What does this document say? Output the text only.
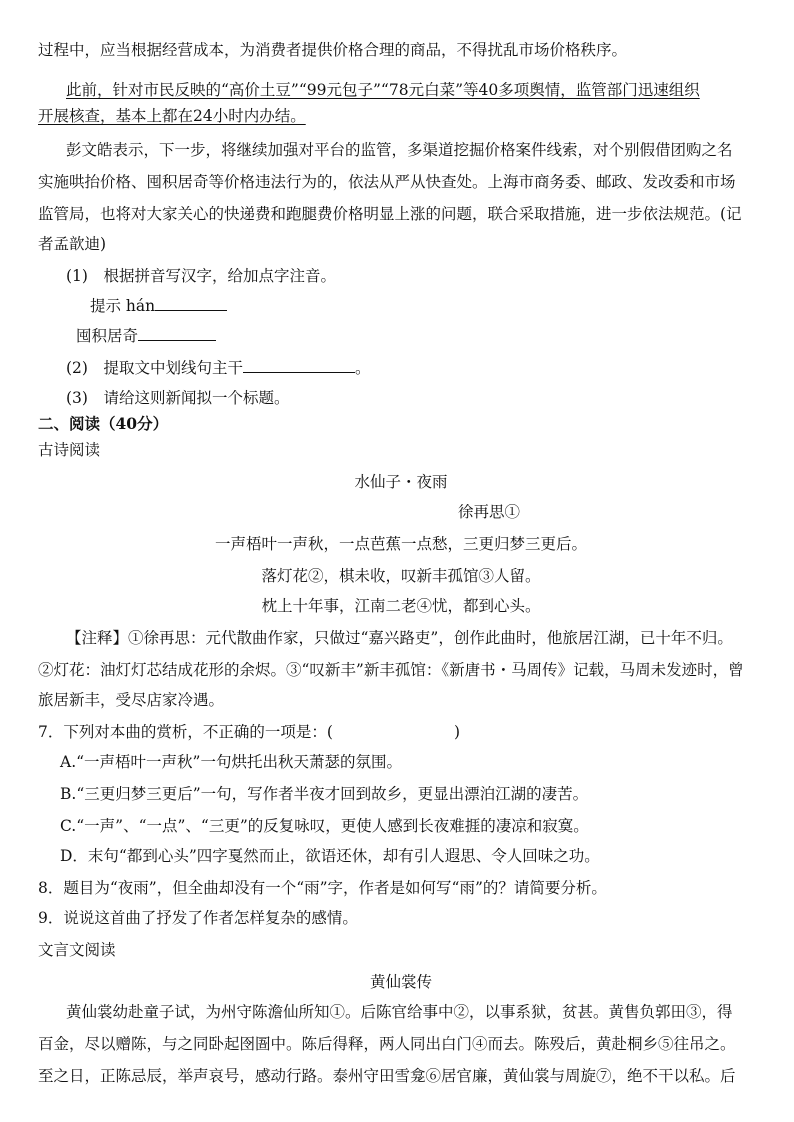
过程中，应当根据经营成本，为消费者提供价格合理的商品，不得扰乱市场价格秩序。
此前，针对市民反映的“高价土豆”“99元包子”“78元白菜”等40多项舆情，监管部门迅速组织
开展核查，基本上都在24小时内办结。
彭文皓表示，下一步，将继续加强对平台的监管，多渠道挖掘价格案件线索，对个别假借团购之名
实施哄抬价格、囤积居奇等价格违法行为的，依法从严从快查处。上海市商务委、邮政、发改委和市场
监管局，也将对大家关心的快递费和跑腿费价格明显上涨的问题，联合采取措施，进一步依法规范。(记
者孟歆迪)
(1)　根据拼音写汉字，给加点字注音。
提示 hán
囤积居奇
(2)　提取文中划线句主干	。
(3)　请给这则新闻拟一个标题。
二、阅读（40分）
古诗阅读
水仙子・夜雨
徐再思①
一声梧叶一声秋，一点芭蕉一点愁，三更归梦三更后。
落灯花②，棋未收，叹新丰孤馆③人留。
枕上十年事，江南二老④忧，都到心头。
【注释】①徐再思：元代散曲作家，只做过“嘉兴路吏”，创作此曲时，他旅居江湖，已十年不归。
②灯花：油灯灯芯结成花形的余烬。③“叹新丰”新丰孤馆：《新唐书・马周传》记载，马周未发迹时，曾
旅居新丰，受尽店家冷遇。
7．下列对本曲的赏析，不正确的一项是：(	)
A.“一声梧叶一声秋”一句烘托出秋天萧瑟的氛围。
B.“三更归梦三更后”一句，写作者半夜才回到故乡，更显出漂泊江湖的凄苦。
C.“一声”、“一点”、“三更”的反复咏叹，更使人感到长夜难捱的凄凉和寂寞。
D．末句“都到心头”四字戛然而止，欲语还休，却有引人遐思、令人回味之功。
8．题目为“夜雨”，但全曲却没有一个“雨”字，作者是如何写“雨”的？请简要分析。
9．说说这首曲了抒发了作者怎样复杂的感情。
文言文阅读
黄仙裳传
黄仙裳幼赴童子试，为州守陈澹仙所知①。后陈官给事中②，以事系狱，贫甚。黄售负郭田③，得
百金，尽以赠陈，与之同卧起囹圄中。陈后得释，两人同出白门④而去。陈殁后，黄赴桐乡⑤往吊之。
至之日，正陈忌辰，举声哀号，感动行路。泰州守田雪龛⑥居官廉，黄仙裳与周旋⑦，绝不干以私。后
